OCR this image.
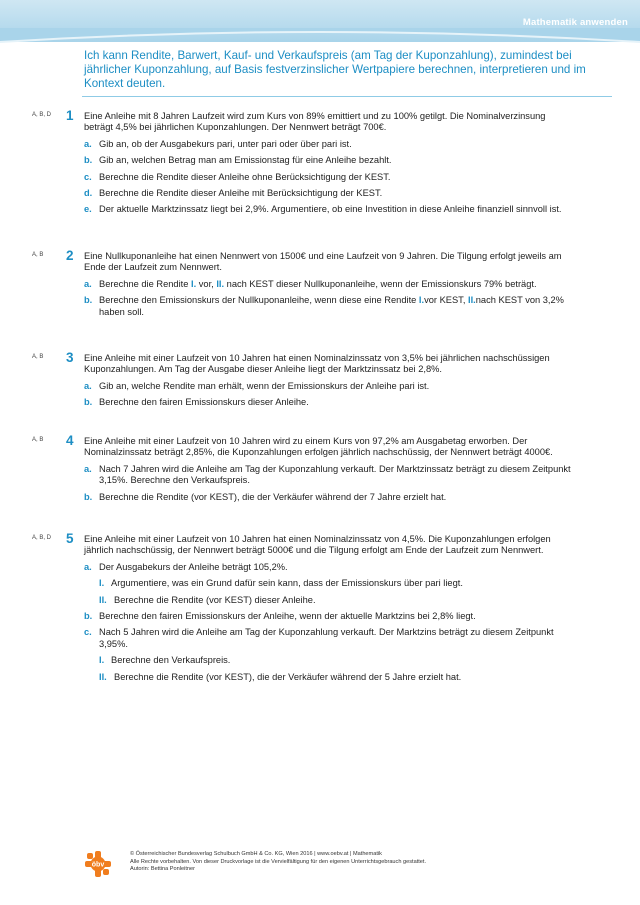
Mathematik anwenden
Ich kann Rendite, Barwert, Kauf- und Verkaufspreis (am Tag der Kuponzahlung), zumindest bei jährlicher Kuponzahlung, auf Basis festverzinslicher Wertpapiere berechnen, interpretieren und im Kontext deuten.
A, B, D 1 Eine Anleihe mit 8 Jahren Laufzeit wird zum Kurs von 89% emittiert und zu 100% getilgt. Die Nominalverzinsung beträgt 4,5% bei jährlichen Kuponzahlungen. Der Nennwert beträgt 700€.
a. Gib an, ob der Ausgabekurs pari, unter pari oder über pari ist.
b. Gib an, welchen Betrag man am Emissionstag für eine Anleihe bezahlt.
c. Berechne die Rendite dieser Anleihe ohne Berücksichtigung der KEST.
d. Berechne die Rendite dieser Anleihe mit Berücksichtigung der KEST.
e. Der aktuelle Marktzinssatz liegt bei 2,9%. Argumentiere, ob eine Investition in diese Anleihe finanziell sinnvoll ist.
A, B 2 Eine Nullkuponanleihe hat einen Nennwert von 1500€ und eine Laufzeit von 9 Jahren. Die Tilgung erfolgt jeweils am Ende der Laufzeit zum Nennwert.
a. Berechne die Rendite I. vor, II. nach KEST dieser Nullkuponanleihe, wenn der Emissionskurs 79% beträgt.
b. Berechne den Emissionskurs der Nullkuponanleihe, wenn diese eine Rendite I.vor KEST, II.nach KEST von 3,2% haben soll.
A, B 3 Eine Anleihe mit einer Laufzeit von 10 Jahren hat einen Nominalzinssatz von 3,5% bei jährlichen nachschüssigen Kuponzahlungen. Am Tag der Ausgabe dieser Anleihe liegt der Marktzinssatz bei 2,8%.
a. Gib an, welche Rendite man erhält, wenn der Emissionskurs der Anleihe pari ist.
b. Berechne den fairen Emissionskurs dieser Anleihe.
A, B 4 Eine Anleihe mit einer Laufzeit von 10 Jahren wird zu einem Kurs von 97,2% am Ausgabetag erworben. Der Nominalzinssatz beträgt 2,85%, die Kuponzahlungen erfolgen jährlich nachschüssig, der Nennwert beträgt 4000€.
a. Nach 7 Jahren wird die Anleihe am Tag der Kuponzahlung verkauft. Der Marktzinssatz beträgt zu diesem Zeitpunkt 3,15%. Berechne den Verkaufspreis.
b. Berechne die Rendite (vor KEST), die der Verkäufer während der 7 Jahre erzielt hat.
A, B, D 5 Eine Anleihe mit einer Laufzeit von 10 Jahren hat einen Nominalzinssatz von 4,5%. Die Kuponzahlungen erfolgen jährlich nachschüssig, der Nennwert beträgt 5000€ und die Tilgung erfolgt am Ende der Laufzeit zum Nennwert.
a. Der Ausgabekurs der Anleihe beträgt 105,2%.
I. Argumentiere, was ein Grund dafür sein kann, dass der Emissionskurs über pari liegt.
II. Berechne die Rendite (vor KEST) dieser Anleihe.
b. Berechne den fairen Emissionskurs der Anleihe, wenn der aktuelle Marktzins bei 2,8% liegt.
c. Nach 5 Jahren wird die Anleihe am Tag der Kuponzahlung verkauft. Der Marktzins beträgt zu diesem Zeitpunkt 3,95%.
I. Berechne den Verkaufspreis.
II. Berechne die Rendite (vor KEST), die der Verkäufer während der 5 Jahre erzielt hat.
öbv
© Österreichischer Bundesverlag Schulbuch GmbH & Co. KG, Wien 2016 | www.oebv.at | Mathematik
Alle Rechte vorbehalten. Von dieser Druckvorlage ist die Vervielfältigung für den eigenen Unterrichtsgebrauch gestattet.
Autorin: Bettina Ponleitner
